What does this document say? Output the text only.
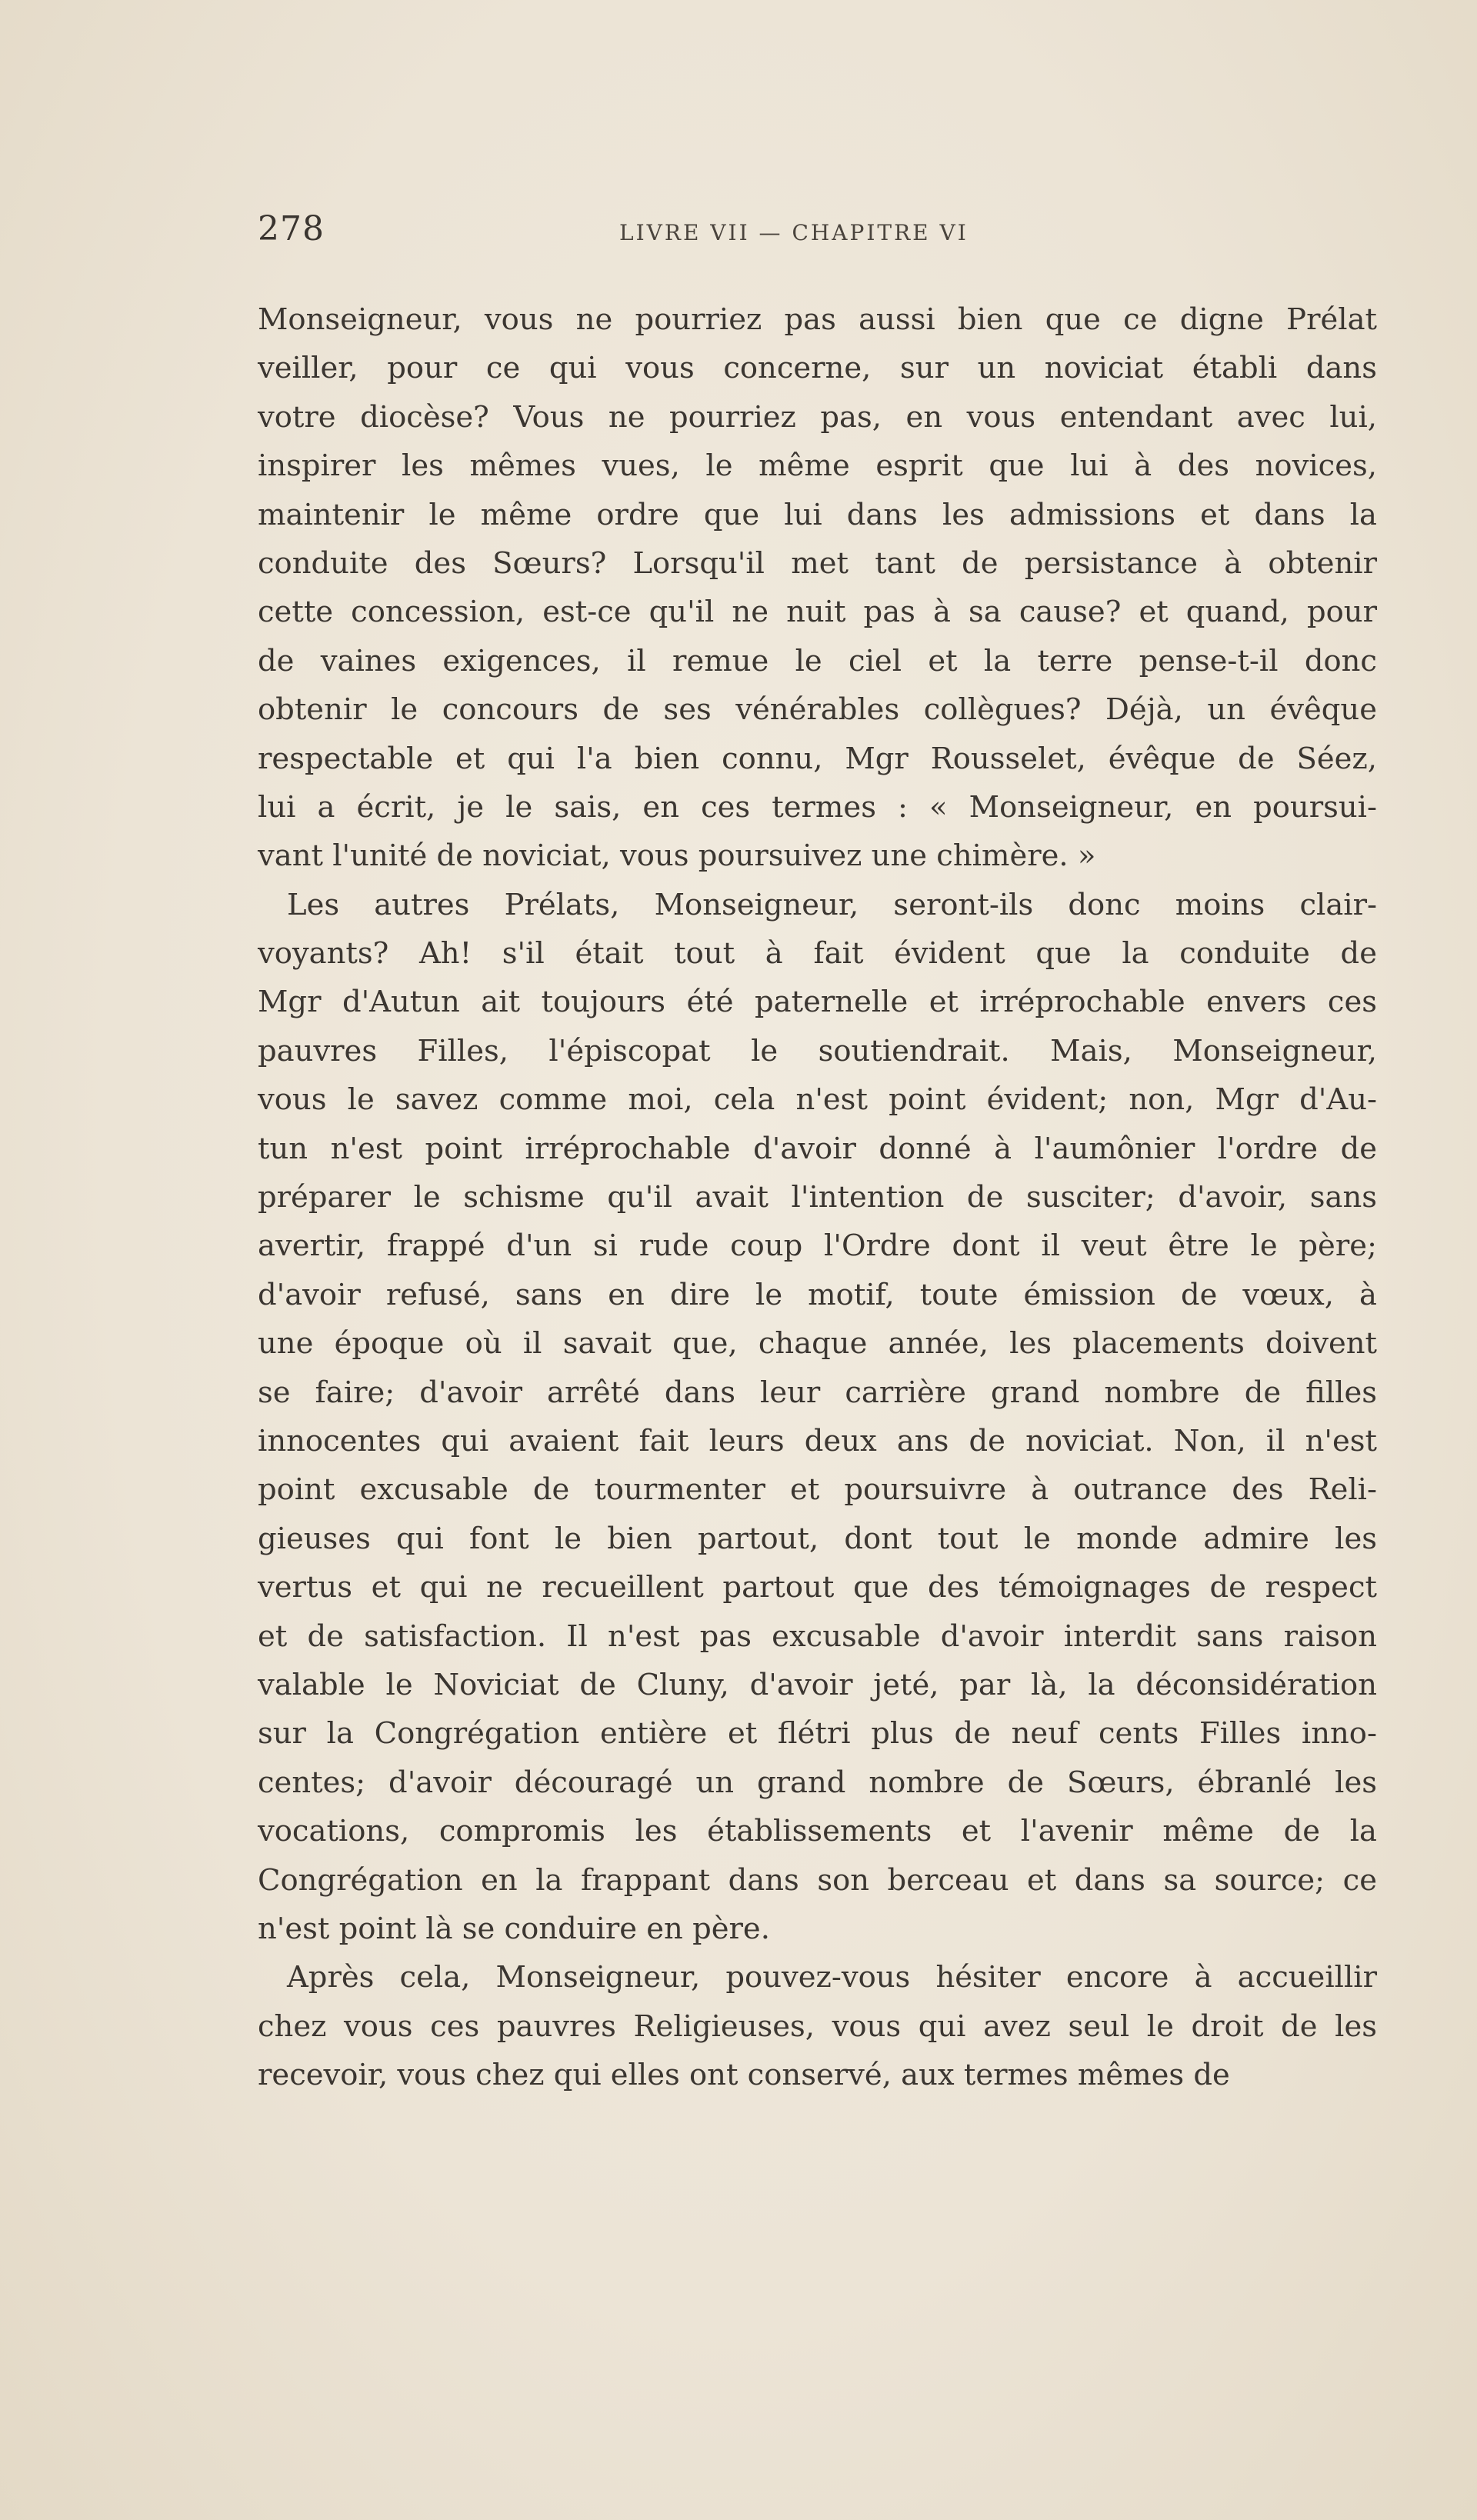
278	LIVRE VII — CHAPITRE VI

Monseigneur, vous ne pourriez pas aussi bien que ce digne Prélat
veiller, pour ce qui vous concerne, sur un noviciat établi dans
votre diocèse? Vous ne pourriez pas, en vous entendant avec lui,
inspirer les mêmes vues, le même esprit que lui à des novices,
maintenir le même ordre que lui dans les admissions et dans la
conduite des Sœurs? Lorsqu'il met tant de persistance à obtenir
cette concession, est-ce qu'il ne nuit pas à sa cause? et quand, pour
de vaines exigences, il remue le ciel et la terre pense-t-il donc
obtenir le concours de ses vénérables collègues? Déjà, un évêque
respectable et qui l'a bien connu, Mgr Rousselet, évêque de Séez,
lui a écrit, je le sais, en ces termes : « Monseigneur, en poursui-
vant l'unité de noviciat, vous poursuivez une chimère. »

Les autres Prélats, Monseigneur, seront-ils donc moins clair-
voyants? Ah! s'il était tout à fait évident que la conduite de
Mgr d'Autun ait toujours été paternelle et irréprochable envers ces
pauvres Filles, l'épiscopat le soutiendrait. Mais, Monseigneur,
vous le savez comme moi, cela n'est point évident; non, Mgr d'Au-
tun n'est point irréprochable d'avoir donné à l'aumônier l'ordre de
préparer le schisme qu'il avait l'intention de susciter; d'avoir, sans
avertir, frappé d'un si rude coup l'Ordre dont il veut être le père;
d'avoir refusé, sans en dire le motif, toute émission de vœux, à
une époque où il savait que, chaque année, les placements doivent
se faire; d'avoir arrêté dans leur carrière grand nombre de filles
innocentes qui avaient fait leurs deux ans de noviciat. Non, il n'est
point excusable de tourmenter et poursuivre à outrance des Reli-
gieuses qui font le bien partout, dont tout le monde admire les
vertus et qui ne recueillent partout que des témoignages de respect
et de satisfaction. Il n'est pas excusable d'avoir interdit sans raison
valable le Noviciat de Cluny, d'avoir jeté, par là, la déconsidération
sur la Congrégation entière et flétri plus de neuf cents Filles inno-
centes; d'avoir découragé un grand nombre de Sœurs, ébranlé les
vocations, compromis les établissements et l'avenir même de la
Congrégation en la frappant dans son berceau et dans sa source; ce
n'est point là se conduire en père.

Après cela, Monseigneur, pouvez-vous hésiter encore à accueillir
chez vous ces pauvres Religieuses, vous qui avez seul le droit de les
recevoir, vous chez qui elles ont conservé, aux termes mêmes de
